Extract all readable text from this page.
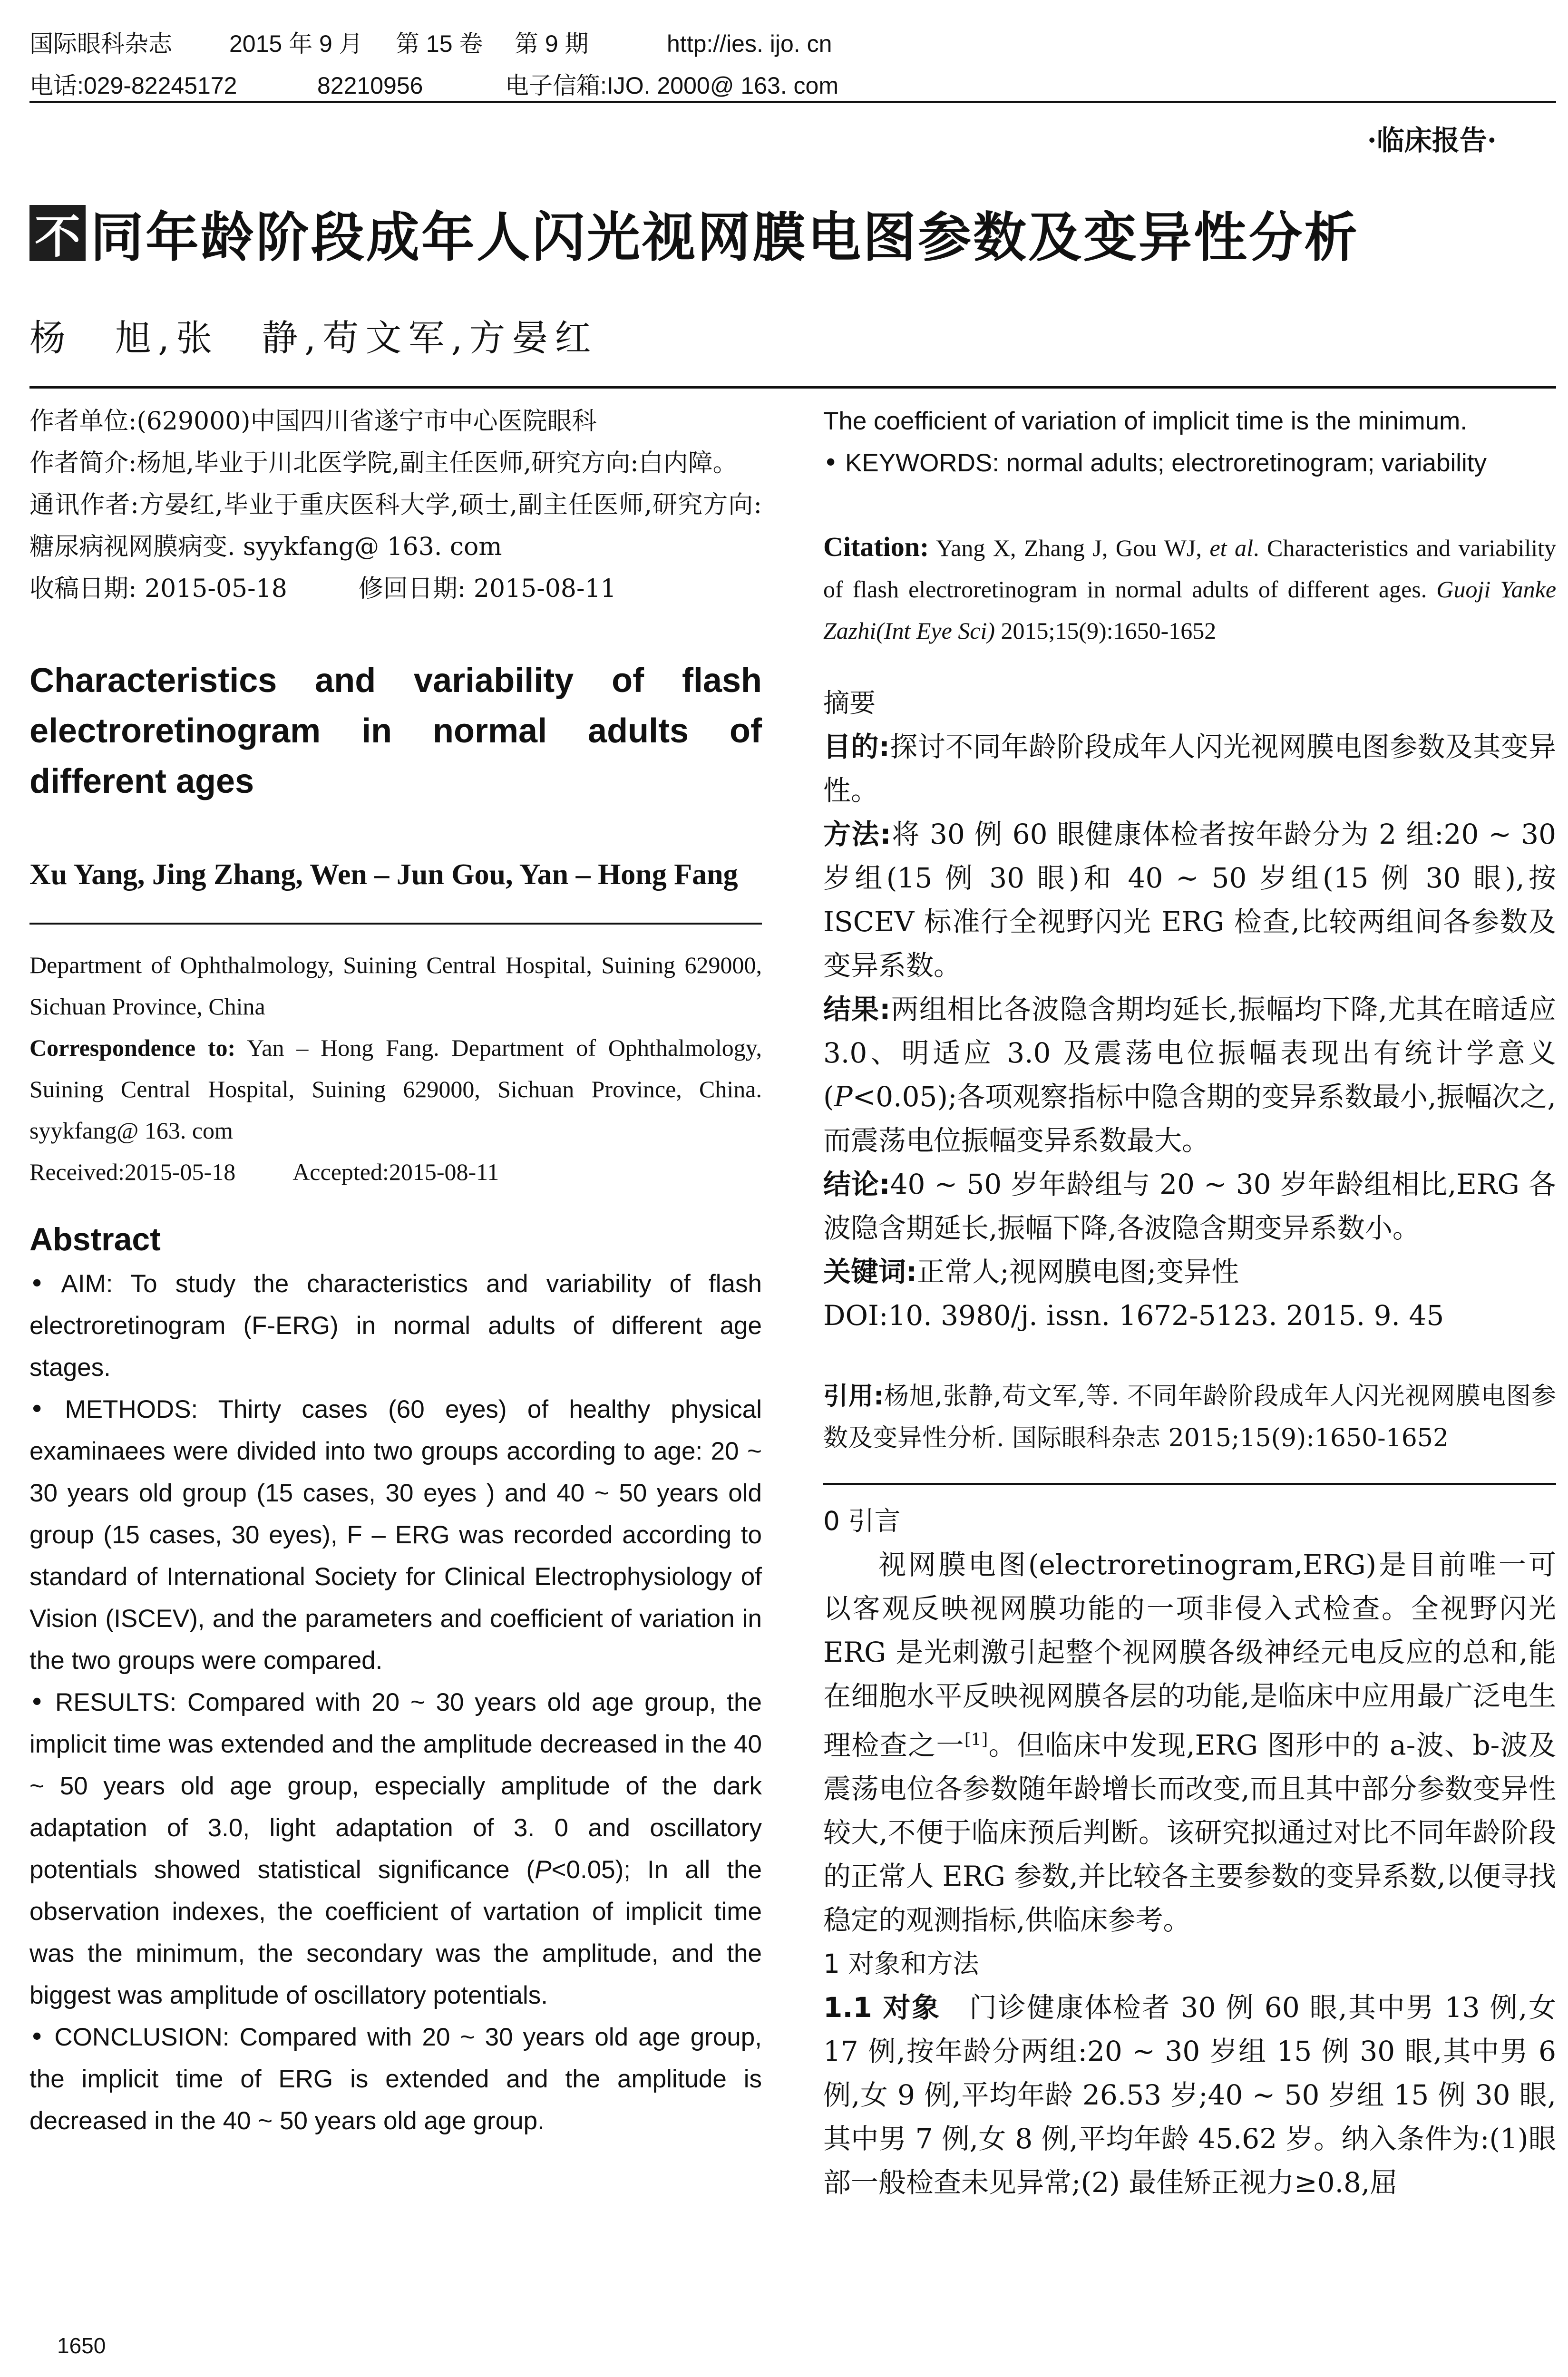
国际眼科杂志 2015 年 9 月 第 15 卷 第 9 期	http://ies. ijo. cn
电话:029-82245172	82210956	电子信箱:IJO. 2000@ 163. com
·临床报告·
不 同年龄阶段成年人闪光视网膜电图参数及变异性分析
杨　旭,张　静,苟文军,方晏红

作者单位:(629000)中国四川省遂宁市中心医院眼科

作者简介:杨旭,毕业于川北医学院,副主任医师,研究方向:白内障。

通讯作者:方晏红,毕业于重庆医科大学,硕士,副主任医师,研究方向:糖尿病视网膜病变. syykfang@ 163. com

收稿日期: 2015-05-18	修回日期: 2015-08-11

Characteristics and variability of flash electroretinogram in normal adults of different ages
Xu Yang, Jing Zhang, Wen – Jun Gou, Yan – Hong Fang

Department of Ophthalmology, Suining Central Hospital, Suining 629000, Sichuan Province, China

Correspondence to: Yan – Hong Fang. Department of Ophthalmology, Suining Central Hospital, Suining 629000, Sichuan Province, China. syykfang@ 163. com

Received:2015-05-18 Accepted:2015-08-11

Abstract

• AIM: To study the characteristics and variability of flash electroretinogram (F-ERG) in normal adults of different age stages.

• METHODS: Thirty cases (60 eyes) of healthy physical examinaees were divided into two groups according to age: 20 ~ 30 years old group (15 cases, 30 eyes ) and 40 ~ 50 years old group (15 cases, 30 eyes), F – ERG was recorded according to standard of International Society for Clinical Electrophysiology of Vision (ISCEV), and the parameters and coefficient of variation in the two groups were compared.

• RESULTS: Compared with 20 ~ 30 years old age group, the implicit time was extended and the amplitude decreased in the 40 ~ 50 years old age group, especially amplitude of the dark adaptation of 3.0, light adaptation of 3. 0 and oscillatory potentials showed statistical significance (P<0.05); In all the observation indexes, the coefficient of vartation of implicit time was the minimum, the secondary was the amplitude, and the biggest was amplitude of oscillatory potentials.

• CONCLUSION: Compared with 20 ~ 30 years old age group, the implicit time of ERG is extended and the amplitude is decreased in the 40 ~ 50 years old age group.

The coefficient of variation of implicit time is the minimum.

• KEYWORDS: normal adults; electroretinogram; variability

Citation: Yang X, Zhang J, Gou WJ, et al. Characteristics and variability of flash electroretinogram in normal adults of different ages. Guoji Yanke Zazhi(Int Eye Sci) 2015;15(9):1650-1652
摘要

目的:探讨不同年龄阶段成年人闪光视网膜电图参数及其变异性。

方法:将 30 例 60 眼健康体检者按年龄分为 2 组:20 ~ 30 岁组(15 例 30 眼)和 40 ~ 50 岁组(15 例 30 眼),按 ISCEV 标准行全视野闪光 ERG 检查,比较两组间各参数及变异系数。

结果:两组相比各波隐含期均延长,振幅均下降,尤其在暗适应 3.0、明适应 3.0 及震荡电位振幅表现出有统计学意义(P<0.05);各项观察指标中隐含期的变异系数最小,振幅次之,而震荡电位振幅变异系数最大。

结论:40 ~ 50 岁年龄组与 20 ~ 30 岁年龄组相比,ERG 各波隐含期延长,振幅下降,各波隐含期变异系数小。

关键词:正常人;视网膜电图;变异性

DOI:10. 3980/j. issn. 1672-5123. 2015. 9. 45

引用:杨旭,张静,苟文军,等. 不同年龄阶段成年人闪光视网膜电图参数及变异性分析. 国际眼科杂志 2015;15(9):1650-1652
0 引言
视网膜电图(electroretinogram,ERG)是目前唯一可以客观反映视网膜功能的一项非侵入式检查。全视野闪光 ERG 是光刺激引起整个视网膜各级神经元电反应的总和,能在细胞水平反映视网膜各层的功能,是临床中应用最广泛电生理检查之一[1]。但临床中发现,ERG 图形中的 a-波、b-波及震荡电位各参数随年龄增长而改变,而且其中部分参数变异性较大,不便于临床预后判断。该研究拟通过对比不同年龄阶段的正常人 ERG 参数,并比较各主要参数的变异系数,以便寻找稳定的观测指标,供临床参考。
1 对象和方法
1.1 对象　 门诊健康体检者 30 例 60 眼,其中男 13 例,女 17 例,按年龄分两组:20 ~ 30 岁组 15 例 30 眼,其中男 6 例,女 9 例,平均年龄 26.53 岁;40 ~ 50 岁组 15 例 30 眼,其中男 7 例,女 8 例,平均年龄 45.62 岁。纳入条件为:(1)眼部一般检查未见异常;(2) 最佳矫正视力≥0.8,屈
1650
